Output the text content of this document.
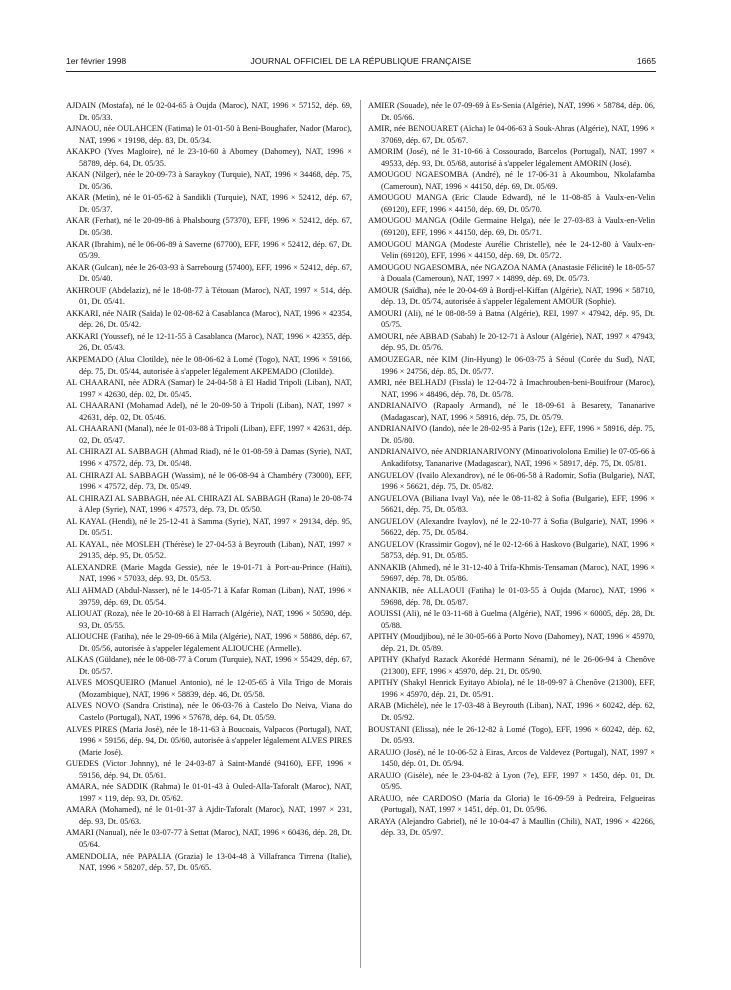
1er février 1998	JOURNAL OFFICIEL DE LA RÉPUBLIQUE FRANÇAISE	1665
AJDAIN (Mostafa), né le 02-04-65 à Oujda (Maroc), NAT, 1996 × 57152, dép. 69, Dt. 05/33.
AJNAOU, née OULAHCEN (Fatima) le 01-01-50 à Beni-Boughafer, Nador (Maroc), NAT, 1996 × 19198, dép. 83, Dt. 05/34.
AKAKPO (Yves Magloire), né le 23-10-60 à Abomey (Dahomey), NAT, 1996 × 58789, dép. 64, Dt. 05/35.
AKAN (Nilger), née le 20-09-73 à Saraykoy (Turquie), NAT, 1996 × 34468, dép. 75, Dt. 05/36.
AKAR (Metin), né le 01-05-62 à Sandikli (Turquie), NAT, 1996 × 52412, dép. 67, Dt. 05/37.
AKAR (Ferhat), né le 20-09-86 à Phalsbourg (57370), EFF, 1996 × 52412, dép. 67, Dt. 05/38.
AKAR (Ibrahim), né le 06-06-89 à Saverne (67700), EFF, 1996 × 52412, dép. 67, Dt. 05/39.
AKAR (Gulcan), née le 26-03-93 à Sarrebourg (57400), EFF, 1996 × 52412, dép. 67, Dt. 05/40.
AKHROUF (Abdelaziz), né le 18-08-77 à Tétouan (Maroc), NAT, 1997 × 514, dép. 01, Dt. 05/41.
AKKARI, née NAIR (Saïda) le 02-08-62 à Casablanca (Maroc), NAT, 1996 × 42354, dép. 26, Dt. 05/42.
AKKARI (Youssef), né le 12-11-55 à Casablanca (Maroc), NAT, 1996 × 42355, dép. 26, Dt. 05/43.
AKPEMADO (Alua Clotilde), née le 08-06-62 à Lomé (Togo), NAT, 1996 × 59166, dép. 75, Dt. 05/44, autorisée à s'appeler légalement AKPEMADO (Clotilde).
AL CHAARANI, née ADRA (Samar) le 24-04-58 à El Hadid Tripoli (Liban), NAT, 1997 × 42630, dép. 02, Dt. 05/45.
AL CHAARANI (Mohamad Adel), né le 20-09-50 à Tripoli (Liban), NAT, 1997 × 42631, dép. 02, Dt. 05/46.
AL CHAARANI (Manal), née le 01-03-88 à Tripoli (Liban), EFF, 1997 × 42631, dép. 02, Dt. 05/47.
AL CHIRAZI AL SABBAGH (Ahmad Riad), né le 01-08-59 à Damas (Syrie), NAT, 1996 × 47572, dép. 73, Dt. 05/48.
AL CHIRAZI AL SABBAGH (Wassim), né le 06-08-94 à Chambéry (73000), EFF, 1996 × 47572, dép. 73, Dt. 05/49.
AL CHIRAZI AL SABBAGH, née AL CHIRAZI AL SABBAGH (Rana) le 20-08-74 à Alep (Syrie), NAT, 1996 × 47573, dép. 73, Dt. 05/50.
AL KAYAL (Hendi), né le 25-12-41 à Samma (Syrie), NAT, 1997 × 29134, dép. 95, Dt. 05/51.
AL KAYAL, née MOSLEH (Thérèse) le 27-04-53 à Beyrouth (Liban), NAT, 1997 × 29135, dép. 95, Dt. 05/52.
ALEXANDRE (Marie Magda Gessie), née le 19-01-71 à Port-au-Prince (Haïti), NAT, 1996 × 57033, dép. 93, Dt. 05/53.
ALI AHMAD (Abdul-Nasser), né le 14-05-71 à Kafar Roman (Liban), NAT, 1996 × 39759, dép. 69, Dt. 05/54.
ALIOUAT (Roza), née le 20-10-68 à El Harrach (Algérie), NAT, 1996 × 50590, dép. 93, Dt. 05/55.
ALIOUCHE (Fatiha), née le 29-09-66 à Mila (Algérie), NAT, 1996 × 58886, dép. 67, Dt. 05/56, autorisée à s'appeler légalement ALIOUCHE (Armelle).
ALKAS (Güldane), née le 08-08-77 à Corum (Turquie), NAT, 1996 × 55429, dép. 67, Dt. 05/57.
ALVES MOSQUEIRO (Manuel Antonio), né le 12-05-65 à Vila Trigo de Morais (Mozambique), NAT, 1996 × 58839, dép. 46, Dt. 05/58.
ALVES NOVO (Sandra Cristina), née le 06-03-76 à Castelo Do Neiva, Viana do Castelo (Portugal), NAT, 1996 × 57678, dép. 64, Dt. 05/59.
ALVES PIRES (Maria José), née le 18-11-63 à Boucoais, Valpacos (Portugal), NAT, 1996 × 59156, dép. 94, Dt. 05/60, autorisée à s'appeler légalement ALVES PIRES (Marie José).
GUEDES (Victor Johnny), né le 24-03-87 à Saint-Mandé (94160), EFF, 1996 × 59156, dép. 94, Dt. 05/61.
AMARA, née SADDIK (Rahma) le 01-01-43 à Ouled-Alla-Taforalt (Maroc), NAT, 1997 × 119, dép. 93, Dt. 05/62.
AMARA (Mohamed), né le 01-01-37 à Ajdir-Taforalt (Maroc), NAT, 1997 × 231, dép. 93, Dt. 05/63.
AMARI (Nanual), née le 03-07-77 à Settat (Maroc), NAT, 1996 × 60436, dép. 28, Dt. 05/64.
AMENDOLIA, née PAPALIA (Grazia) le 13-04-48 à Villafranca Tirrena (Italie), NAT, 1996 × 58207, dép. 57, Dt. 05/65.
AMIER (Souade), née le 07-09-69 à Es-Senia (Algérie), NAT, 1996 × 58784, dép. 06, Dt. 05/66.
AMIR, née BENOUARET (Aïcha) le 04-06-63 à Souk-Ahras (Algérie), NAT, 1996 × 37069, dép. 67, Dt. 05/67.
AMORIM (José), né le 31-10-66 à Cossourado, Barcelos (Portugal), NAT, 1997 × 49533, dép. 93, Dt. 05/68, autorisé à s'appeler légalement AMORIN (José).
AMOUGOU NGAESOMBA (André), né le 17-06-31 à Akoumbou, Nkolafamba (Cameroun), NAT, 1996 × 44150, dép. 69, Dt. 05/69.
AMOUGOU MANGA (Eric Claude Edward), né le 11-08-85 à Vaulx-en-Velin (69120), EFF, 1996 × 44150, dép. 69, Dt. 05/70.
AMOUGOU MANGA (Odile Germaine Helga), née le 27-03-83 à Vaulx-en-Velin (69120), EFF, 1996 × 44150, dép. 69, Dt. 05/71.
AMOUGOU MANGA (Modeste Aurélie Christelle), née le 24-12-80 à Vaulx-en-Velin (69120), EFF, 1996 × 44150, dép. 69, Dt. 05/72.
AMOUGOU NGAESOMBA, née NGAZOA NAMA (Anastasie Félicité) le 18-05-57 à Douala (Cameroun), NAT, 1997 × 14899, dép. 69, Dt. 05/73.
AMOUR (Saïdha), née le 20-04-69 à Bordj-el-Kiffan (Algérie), NAT, 1996 × 58710, dép. 13, Dt. 05/74, autorisée à s'appeler légalement AMOUR (Sophie).
AMOURI (Ali), né le 08-08-59 à Batna (Algérie), REI, 1997 × 47942, dép. 95, Dt. 05/75.
AMOURI, née ABBAD (Sabah) le 20-12-71 à Aslour (Algérie), NAT, 1997 × 47943, dép. 95, Dt. 05/76.
AMOUZEGAR, née KIM (Jin-Hyung) le 06-03-75 à Séoul (Corée du Sud), NAT, 1996 × 24756, dép. 85, Dt. 05/77.
AMRI, née BELHADJ (Fissla) le 12-04-72 à Imachrouben-beni-Bouifrour (Maroc), NAT, 1996 × 48496, dép. 78, Dt. 05/78.
ANDRIANAIVO (Rapaoly Armand), né le 18-09-61 à Besarety, Tananarive (Madagascar), NAT, 1996 × 58916, dép. 75, Dt. 05/79.
ANDRIANAIVO (Iando), née le 28-02-95 à Paris (12e), EFF, 1996 × 58916, dép. 75, Dt. 05/80.
ANDRIANAIVO, née ANDRIANARIVONY (Minoarivololona Emilie) le 07-05-66 à Ankadifotsy, Tananarive (Madagascar), NAT, 1996 × 58917, dép. 75, Dt. 05/81.
ANGUELOV (Ivailo Alexandrov), né le 06-06-58 à Radomir, Sofia (Bulgarie), NAT, 1996 × 56621, dép. 75, Dt. 05/82.
ANGUELOVA (Biliana Ivayl Va), née le 08-11-82 à Sofia (Bulgarie), EFF, 1996 × 56621, dép. 75, Dt. 05/83.
ANGUELOV (Alexandre Ivaylov), né le 22-10-77 à Sofia (Bulgarie), NAT, 1996 × 56622, dép. 75, Dt. 05/84.
ANGUELOV (Krassimir Gogov), né le 02-12-66 à Haskovo (Bulgarie), NAT, 1996 × 58753, dép. 91, Dt. 05/85.
ANNAKIB (Ahmed), né le 31-12-40 à Trifa-Khmis-Tensaman (Maroc), NAT, 1996 × 59697, dép. 78, Dt. 05/86.
ANNAKIB, née ALLAOUI (Fatiha) le 01-03-55 à Oujda (Maroc), NAT, 1996 × 59698, dép. 78, Dt. 05/87.
AOUISSI (Ali), né le 03-11-68 à Guelma (Algérie), NAT, 1996 × 60005, dép. 28, Dt. 05/88.
APITHY (Moudjibou), né le 30-05-66 à Porto Novo (Dahomey), NAT, 1996 × 45970, dép. 21, Dt. 05/89.
APITHY (Khafyd Razack Akorédé Hermann Sénami), né le 26-06-94 à Chenôve (21300), EFF, 1996 × 45970, dép. 21, Dt. 05/90.
APITHY (Shakyl Henrick Eyitayo Abiola), né le 18-09-97 à Chenôve (21300), EFF, 1996 × 45970, dép. 21, Dt. 05/91.
ARAB (Michèle), née le 17-03-48 à Beyrouth (Liban), NAT, 1996 × 60242, dép. 62, Dt. 05/92.
BOUSTANI (Elissa), née le 26-12-82 à Lomé (Togo), EFF, 1996 × 60242, dép. 62, Dt. 05/93.
ARAUJO (José), né le 10-06-52 à Eiras, Arcos de Valdevez (Portugal), NAT, 1997 × 1450, dép. 01, Dt. 05/94.
ARAUJO (Gisèle), née le 23-04-82 à Lyon (7e), EFF, 1997 × 1450, dép. 01, Dt. 05/95.
ARAUJO, née CARDOSO (Maria da Gloria) le 16-09-59 à Pedreira, Felgueiras (Portugal), NAT, 1997 × 1451, dép. 01, Dt. 05/96.
ARAYA (Alejandro Gabriel), né le 10-04-47 à Maullin (Chili), NAT, 1996 × 42266, dép. 33, Dt. 05/97.
